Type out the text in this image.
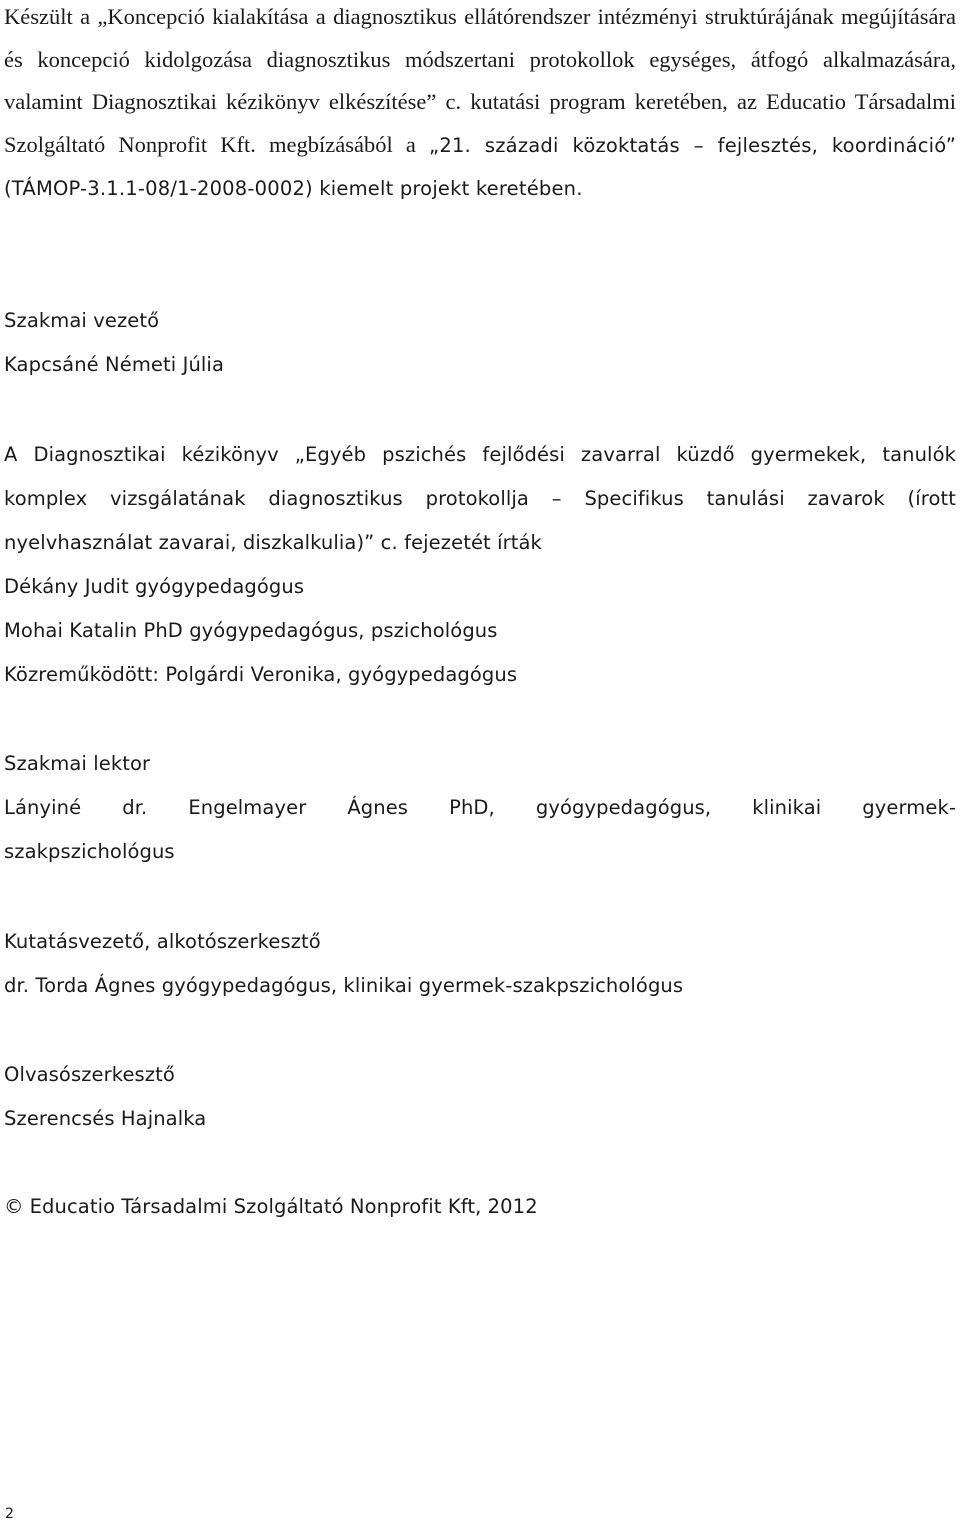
Készült a „Koncepció kialakítása a diagnosztikus ellátórendszer intézményi struktúrájának megújítására és koncepció kidolgozása diagnosztikus módszertani protokollok egységes, átfogó alkalmazására, valamint Diagnosztikai kézikönyv elkészítése” c. kutatási program keretében, az Educatio Társadalmi Szolgáltató Nonprofit Kft. megbízásából a „21. századi közoktatás – fejlesztés, koordináció” (TÁMOP-3.1.1-08/1-2008-0002) kiemelt projekt keretében.
Szakmai vezető
Kapcsáné Németi Júlia
A Diagnosztikai kézikönyv „Egyéb pszichés fejlődési zavarral küzdő gyermekek, tanulók
komplex vizsgálatának diagnosztikus protokollja – Specifikus tanulási zavarok (írott
nyelvhasználat zavarai, diszkalkulia)” c. fejezetét írták
Dékány Judit gyógypedagógus
Mohai Katalin PhD gyógypedagógus, pszichológus
Közreműködött: Polgárdi Veronika, gyógypedagógus
Szakmai lektor
Lányiné dr. Engelmayer Ágnes PhD, gyógypedagógus, klinikai gyermek-
szakpszichológus
Kutatásvezető, alkotószerkesztő
dr. Torda Ágnes gyógypedagógus, klinikai gyermek-szakpszichológus
Olvasószerkesztő
Szerencsés Hajnalka
© Educatio Társadalmi Szolgáltató Nonprofit Kft, 2012
2
